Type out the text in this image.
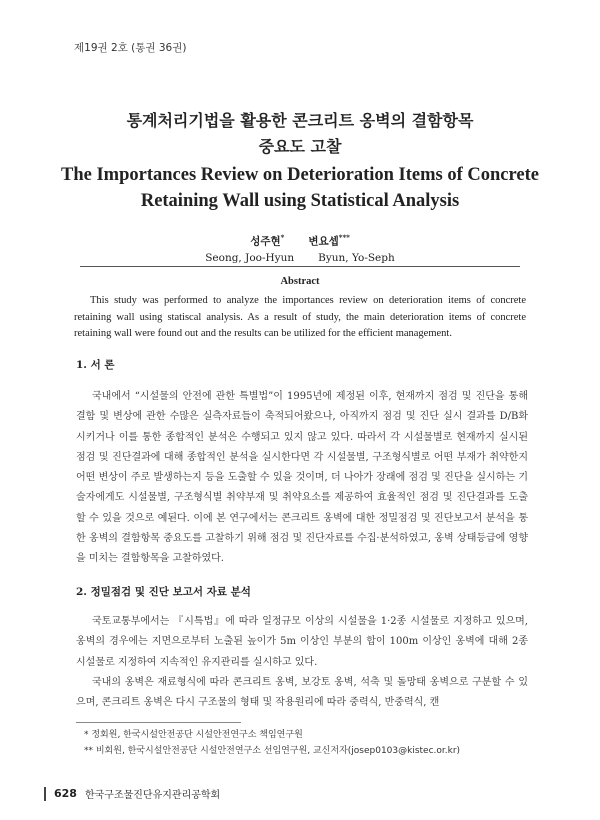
제19권 2호 (통권 36권)
통계처리기법을 활용한 콘크리트 옹벽의 결함항목
중요도 고찰
The Importances Review on Deterioration Items of Concrete
Retaining Wall using Statistical Analysis
성주현* 변요셉***
Seong, Joo-Hyun Byun, Yo-Seph
Abstract
This study was performed to analyze the importances review on deterioration items of concrete retaining wall using statiscal analysis. As a result of study, the main deterioration items of concrete retaining wall were found out and the results can be utilized for the efficient management.
1. 서 론
국내에서 “시설물의 안전에 관한 특별법”이 1995년에 제정된 이후, 현재까지 점검 및 진단을 통해 결함 및 변상에 관한 수많은 실측자료들이 축적되어왔으나, 아직까지 점검 및 진단 실시 결과를 D/B화 시키거나 이를 통한 종합적인 분석은 수행되고 있지 않고 있다. 따라서 각 시설물별로 현재까지 실시된 점검 및 진단결과에 대해 종합적인 분석을 실시한다면 각 시설물별, 구조형식별로 어떤 부재가 취약한지 어떤 변상이 주로 발생하는지 등을 도출할 수 있을 것이며, 더 나아가 장래에 점검 및 진단을 실시하는 기술자에게도 시설물별, 구조형식별 취약부재 및 취약요소를 제공하여 효율적인 점검 및 진단결과를 도출할 수 있을 것으로 예된다. 이에 본 연구에서는 콘크리트 옹벽에 대한 정밀점검 및 진단보고서 분석을 통한 옹벽의 결함항목 중요도를 고찰하기 위해 점검 및 진단자료를 수집·분석하였고, 옹벽 상태등급에 영향을 미치는 결함항목을 고찰하였다.
2. 정밀점검 및 진단 보고서 자료 분석
국토교통부에서는 『시특법』에 따라 일정규모 이상의 시설물을 1·2종 시설물로 지정하고 있으며, 옹벽의 경우에는 지면으로부터 노출된 높이가 5m 이상인 부분의 합이 100m 이상인 옹벽에 대해 2종 시설물로 지정하여 지속적인 유지관리를 실시하고 있다.
국내의 옹벽은 재료형식에 따라 콘크리트 옹벽, 보강토 옹벽, 석축 및 돌망태 옹벽으로 구분할 수 있으며, 콘크리트 옹벽은 다시 구조물의 형태 및 작용원리에 따라 중력식, 반중력식, 캔
* 정회원, 한국시설안전공단 시설안전연구소 책임연구원
** 비회원, 한국시설안전공단 시설안전연구소 선임연구원, 교신저자(josep0103@kistec.or.kr)
628 한국구조물진단유지관리공학회
